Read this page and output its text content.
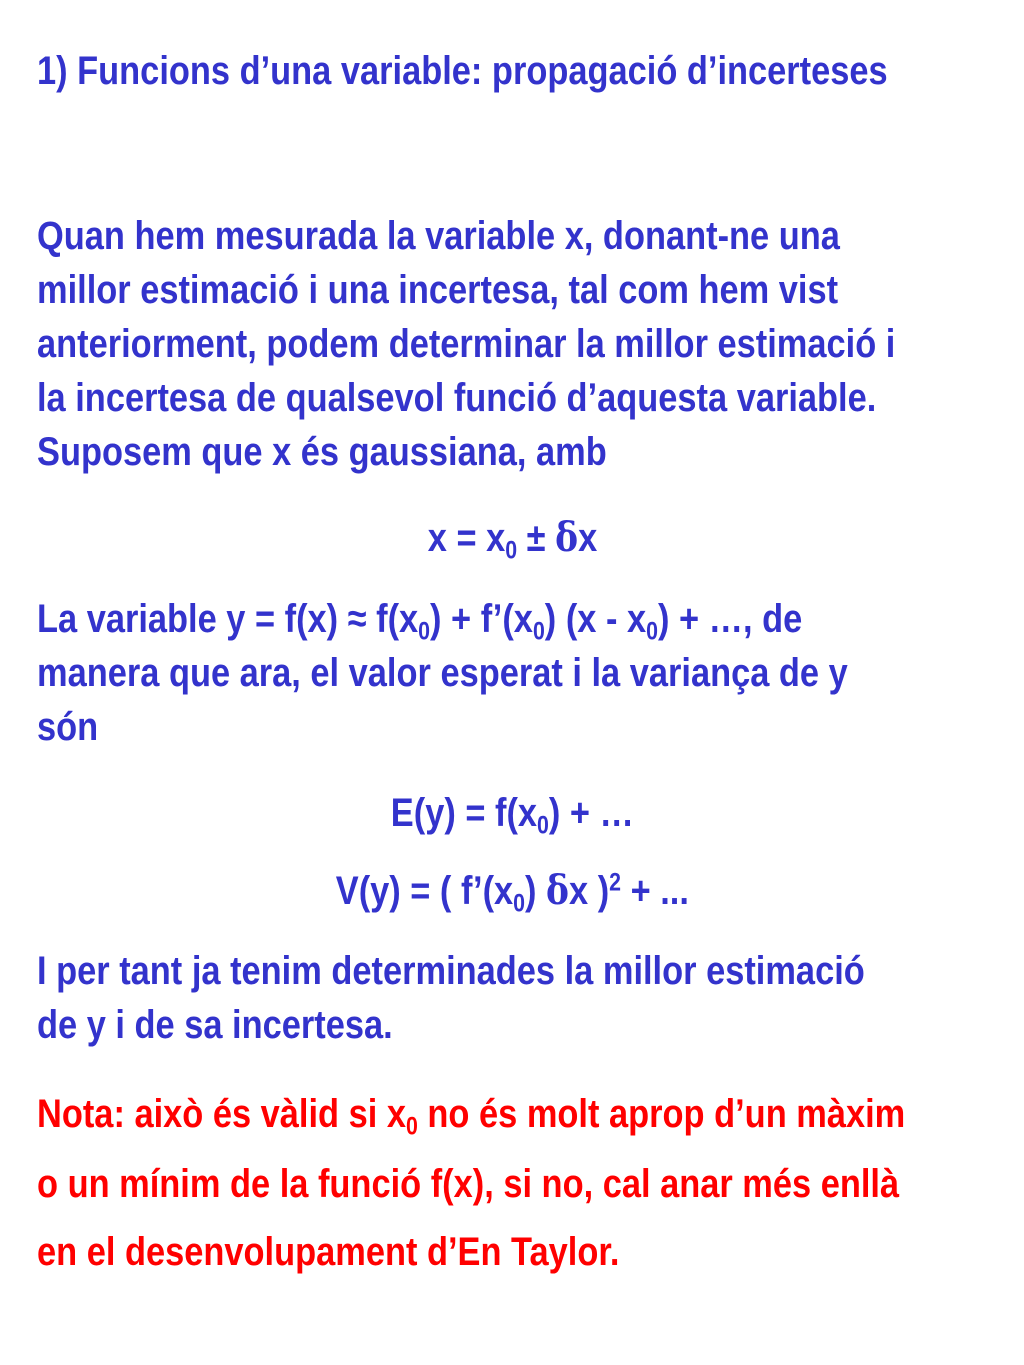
1) Funcions d’una variable: propagació d’incerteses
Quan hem mesurada la variable x, donant-ne una
millor estimació i una incertesa, tal com hem vist
anteriorment, podem determinar la millor estimació i
la incertesa de qualsevol funció d’aquesta variable.
Suposem que x és gaussiana, amb
$x = x_0 \pm \delta x$
La variable $y = f(x) \approx f(x_0)$ + $f’(x_0)$ $(x - x_0)$ + …, de
manera que ara, el valor esperat i la variança de y
són
$E(y) = f(x_0)$ + …
V(y) = ( $f’(x_0)$ δx )$^2$ + ...
I per tant ja tenim determinades la millor estimació
de y i de sa incertesa.
Nota: això és vàlid si $x_0$ no és molt aprop d’un màxim
o un mínim de la funció f(x), si no, cal anar més enllà
en el desenvolupament d’En Taylor.
